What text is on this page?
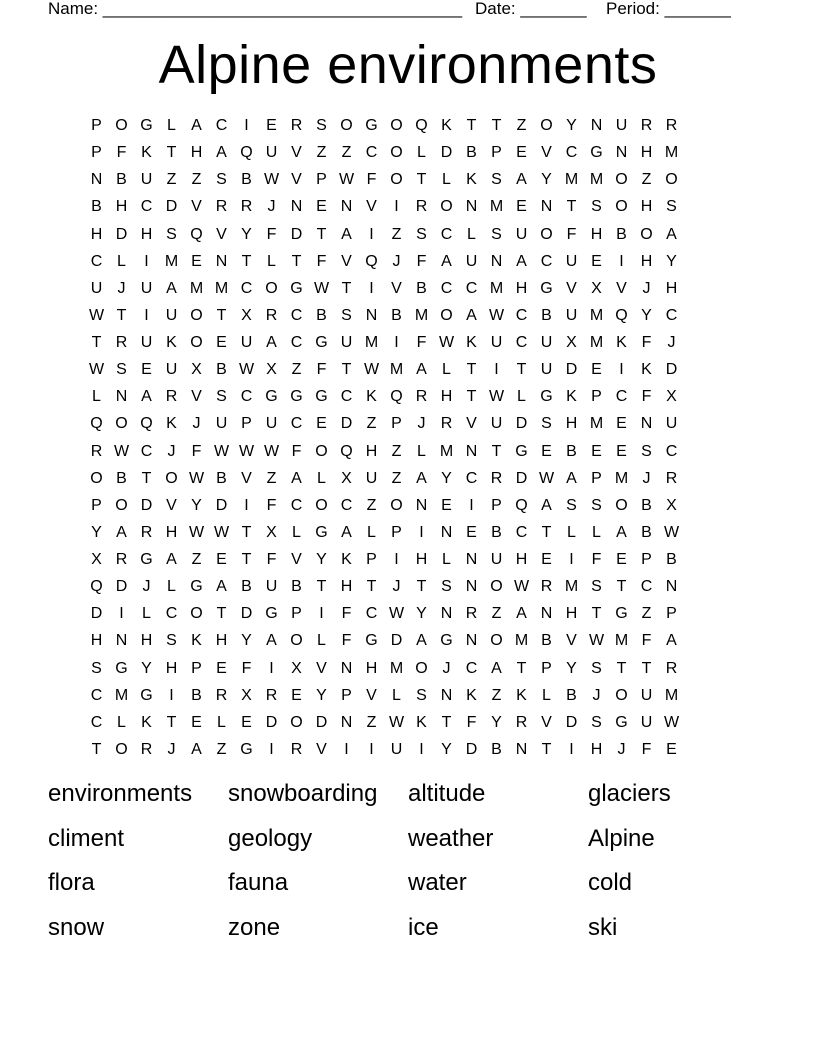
Name: ______________________________________ Date: _______ Period: _______
Alpine environments
P O G L A C	I	E R S O G O Q K T T Z O Y N U R R
P F K T H A Q U V Z Z C O L D B P E V C G N H M
N B U Z Z S B W V P W F O T L K S A Y M M O Z O
B H C D V R R J N E N V	I	R O N M E N T S O H S
H D H S Q V Y F D T A	I	Z S C L S U O F H B O A
C L	I	M E N T L T F V Q J	F A U N A C U E	I	H Y
U J U A M M C O G W T	I	V B C C M H G V X V J H
W T	I	U O T X R C B S N B M O A W C B U M Q Y C
T R U K O E U A C G U M	I	F W K U C U X M K F	J
W S E U X B W X Z F T W M A L T	I	T U D E	I	K D
L N A R V S C G G G C K Q R H T W L G K P C F X
Q O Q K J U P U C E D Z P J R V U D S H M E N U
R W C J	F W W W F O Q H Z L M N T G E B E E S C
O B T O W B V Z A L X U Z A Y C R D W A P M J R
P O D V Y D	I	F C O C Z O N E	I	P Q A S S O B X
Y A R H W W T X L G A L P	I	N E B C T L	L A B W
X R G A Z E T F V Y K P	I	H L N U H E	I	F E P B
Q D J	L G A B U B T H T	J	T S N O W R M S T C N
D	I	L C O T D G P	I	F C W Y N R Z A N H T G Z P
H N H S K H Y A O L F G D A G N O M B V W M F A
S G Y H P E F	I	X V N H M O J C A T P Y S T T R
C M G	I	B R X R E Y P V L S N K Z K L B J O U M
C L K T E L E D O D N Z W K T F Y R V D S G U W
T O R J A Z G	I	R V	I	I	U	I	Y D B N T	I	H J	F E
environments	snowboarding	altitude	glaciers
climent	geology	weather	Alpine
flora	fauna	water	cold
snow	zone	ice	ski
